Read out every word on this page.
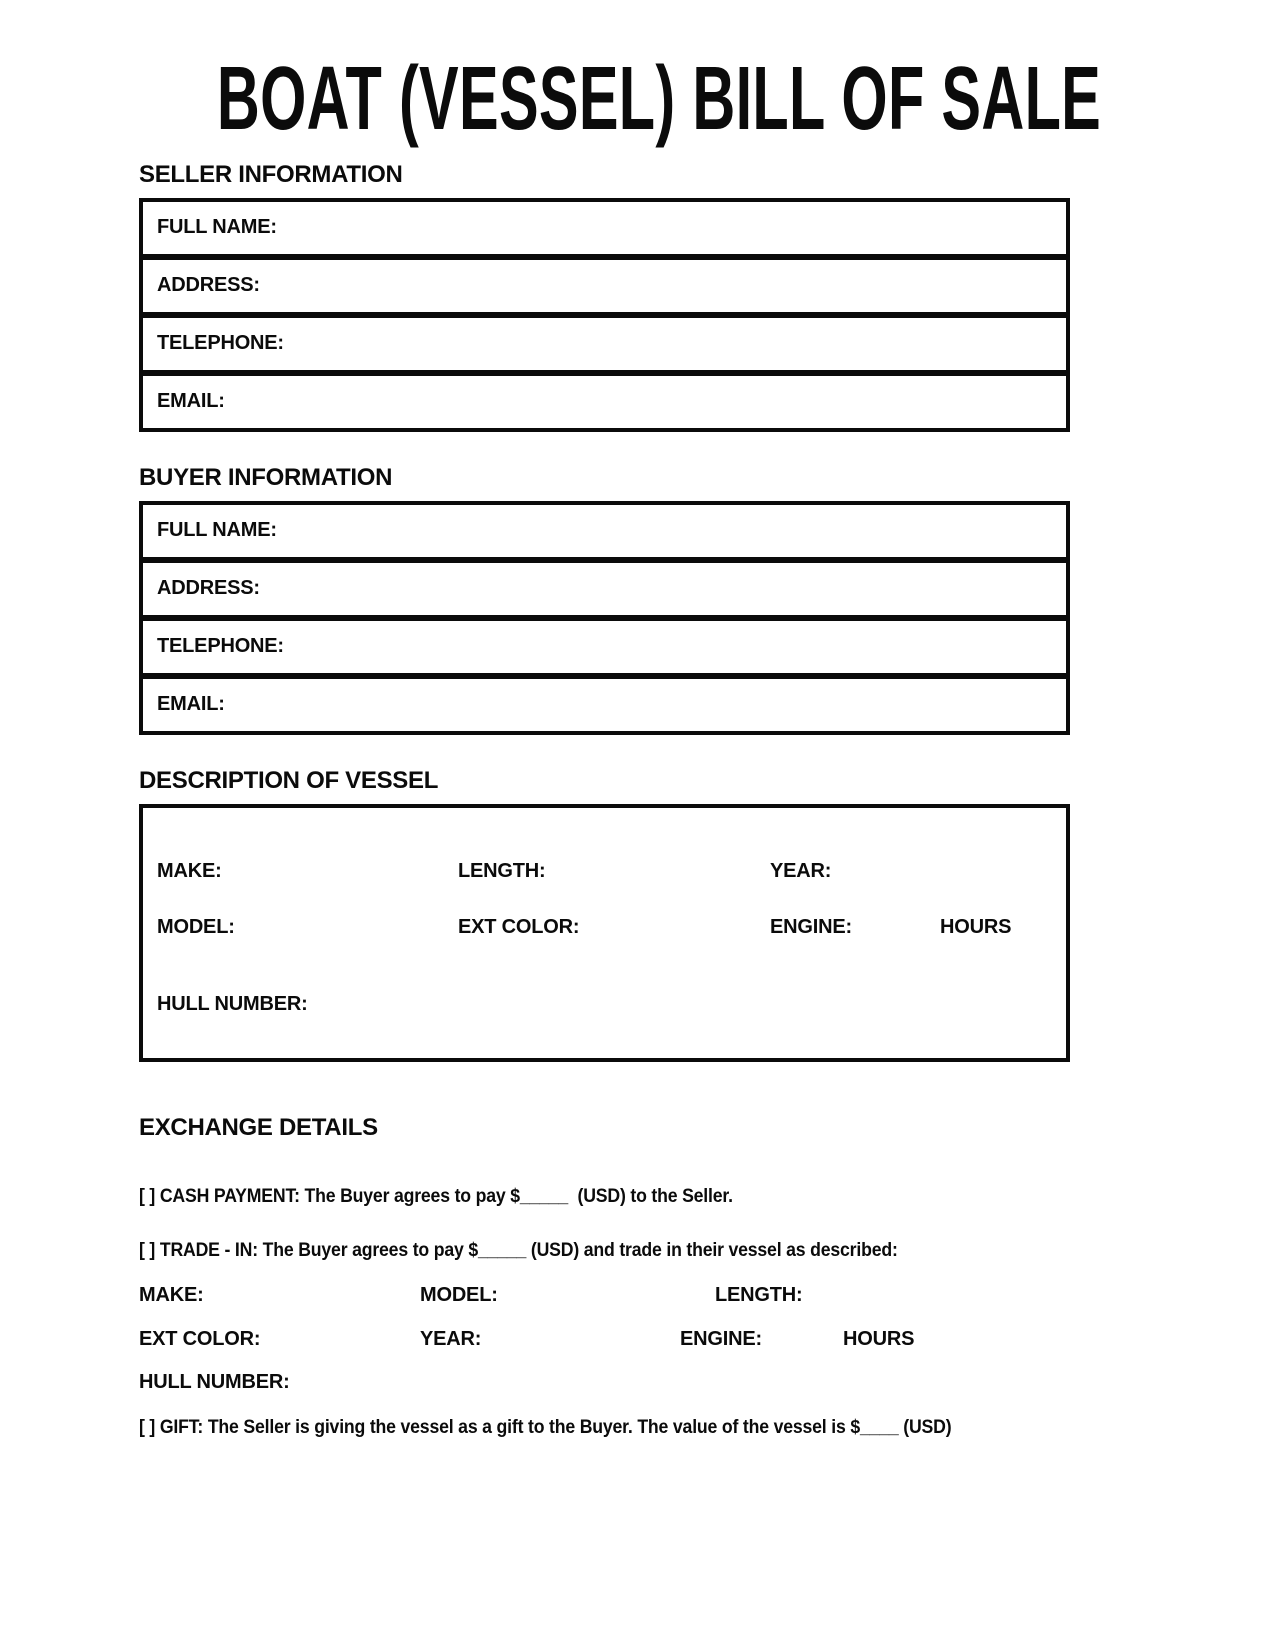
BOAT (VESSEL) BILL OF SALE
SELLER INFORMATION
FULL NAME:
ADDRESS:
TELEPHONE:
EMAIL:
BUYER INFORMATION
FULL NAME:
ADDRESS:
TELEPHONE:
EMAIL:
DESCRIPTION OF VESSEL
MAKE:	LENGTH:	YEAR:
MODEL:	EXT COLOR:	ENGINE:	HOURS
HULL NUMBER:
EXCHANGE DETAILS
[ ] CASH PAYMENT: The Buyer agrees to pay $_____  (USD) to the Seller.
[ ] TRADE - IN: The Buyer agrees to pay $_____ (USD) and trade in their vessel as described:
MAKE:	MODEL:	LENGTH:
EXT COLOR:	YEAR:	ENGINE:	HOURS
HULL NUMBER:
[ ] GIFT: The Seller is giving the vessel as a gift to the Buyer. The value of the vessel is $____ (USD)
